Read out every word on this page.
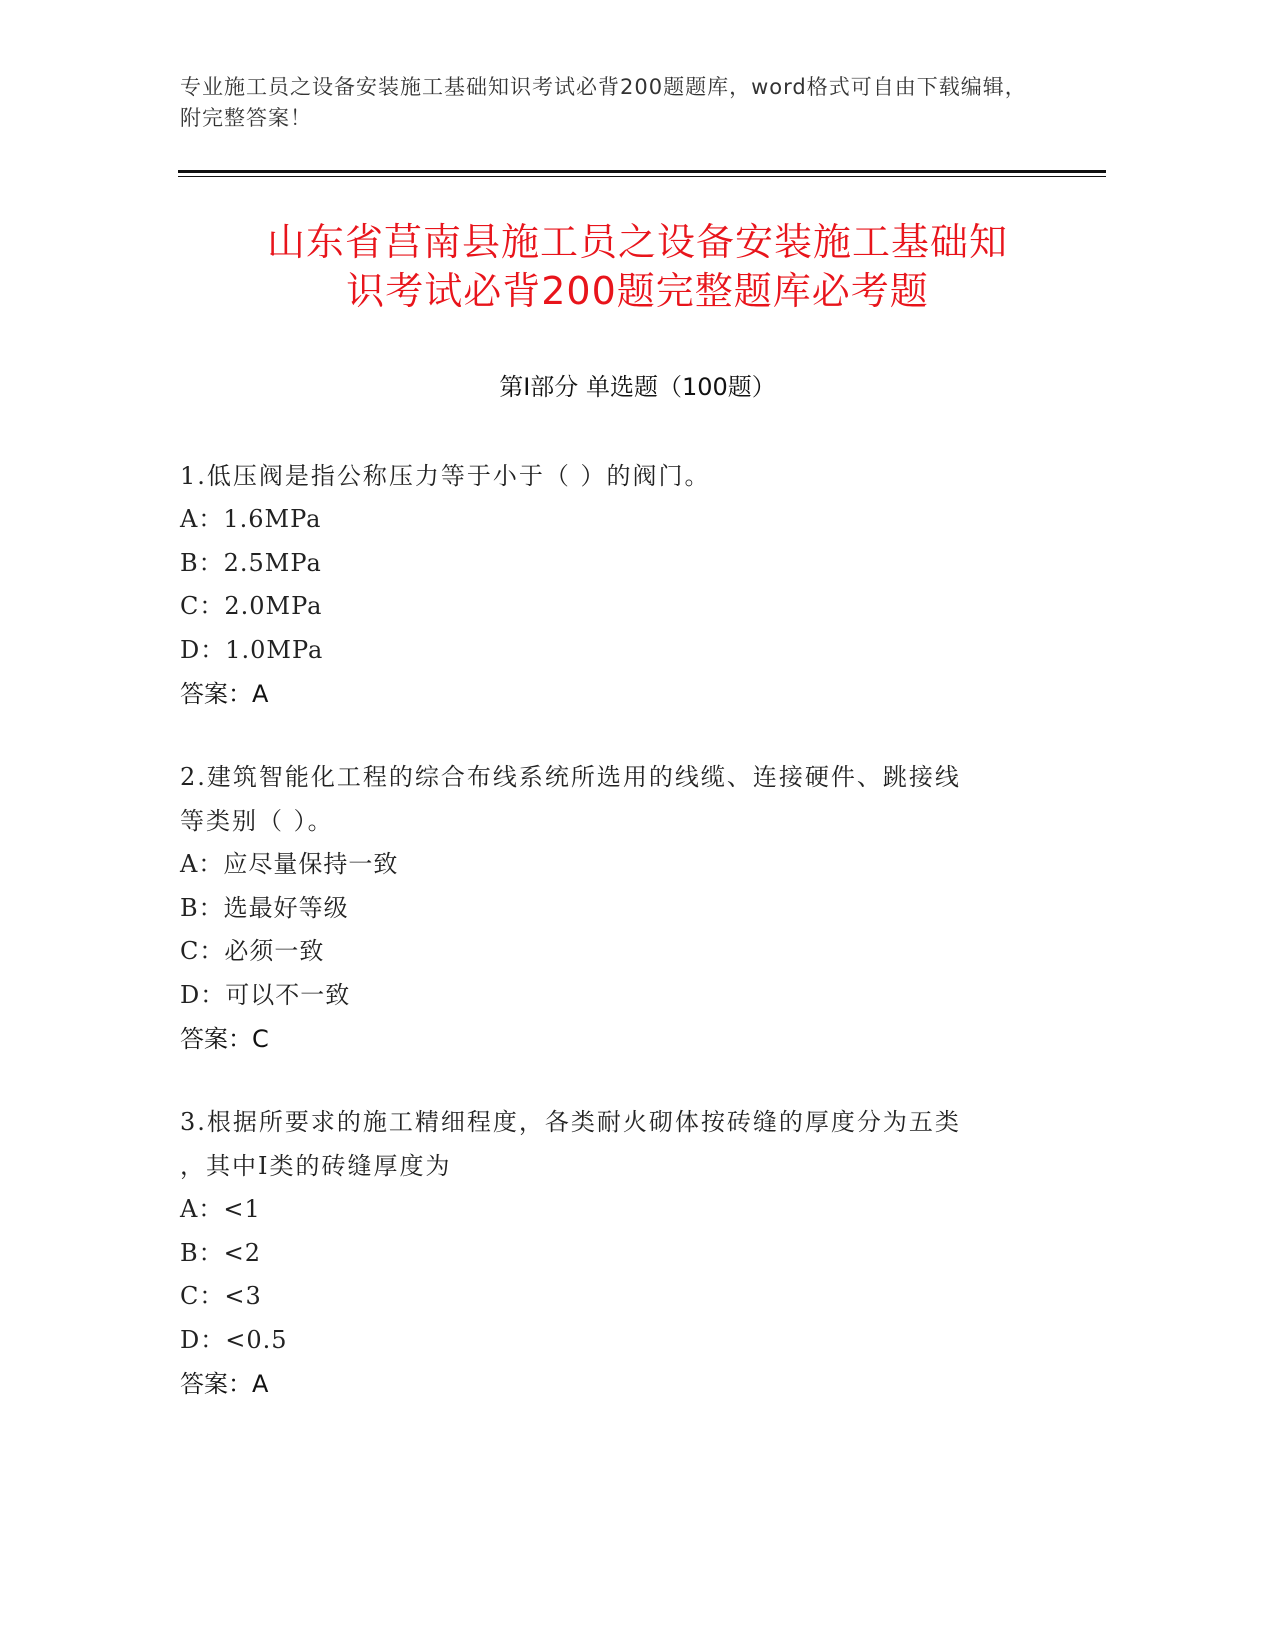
专业施工员之设备安装施工基础知识考试必背200题题库，word格式可自由下载编辑，附完整答案！
山东省莒南县施工员之设备安装施工基础知
识考试必背200题完整题库必考题
第I部分 单选题（100题）
1.低压阀是指公称压力等于小于（ ）的阀门。
A：1.6MPa
B：2.5MPa
C：2.0MPa
D：1.0MPa
答案：A
2.建筑智能化工程的综合布线系统所选用的线缆、连接硬件、跳接线
等类别（ ）。
A：应尽量保持一致
B：选最好等级
C：必须一致
D：可以不一致
答案：C
3.根据所要求的施工精细程度，各类耐火砌体按砖缝的厚度分为五类
，其中Ⅰ类的砖缝厚度为
A：<1
B：<2
C：<3
D：<0.5
答案：A
